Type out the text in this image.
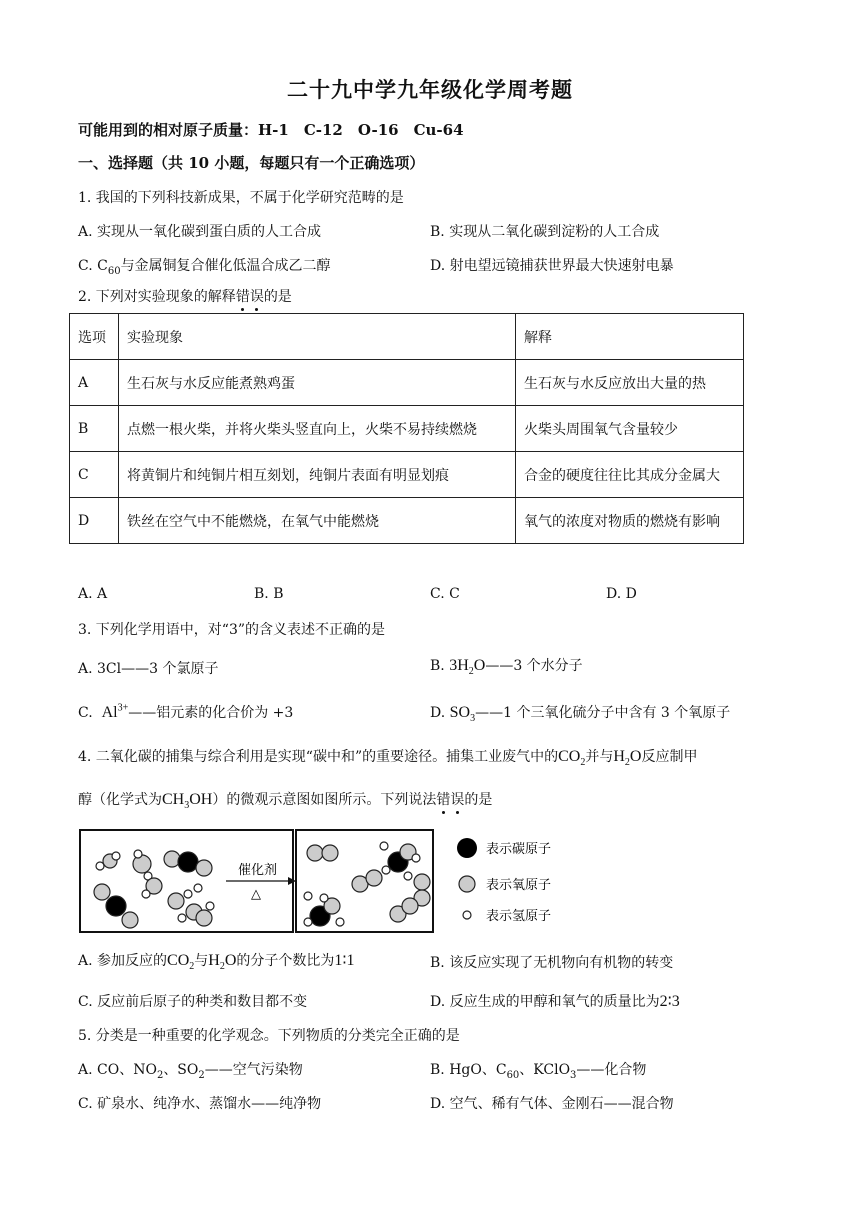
二十九中学九年级化学周考题
可能用到的相对原子质量：H-1　C-12　O-16　Cu-64
一、选择题（共 10 小题，每题只有一个正确选项）
1. 我国的下列科技新成果，不属于化学研究范畴的是
A. 实现从一氧化碳到蛋白质的人工合成	B. 实现从二氧化碳到淀粉的人工合成
C. $C_{60}$与金属铜复合催化低温合成乙二醇	D. 射电望远镜捕获世界最大快速射电暴
2. 下列对实验现象的解释错误的是
选项	实验现象	解释
A	生石灰与水反应能煮熟鸡蛋	生石灰与水反应放出大量的热
B	点燃一根火柴，并将火柴头竖直向上，火柴不易持续燃烧	火柴头周围氧气含量较少
C	将黄铜片和纯铜片相互刻划，纯铜片表面有明显划痕	合金的硬度往往比其成分金属大
D	铁丝在空气中不能燃烧，在氧气中能燃烧	氧气的浓度对物质的燃烧有影响
A. A	B. B	C. C	D. D
3. 下列化学用语中，对“3”的含义表述不正确的是
A. 3Cl——3 个氯原子	B. $3H_2O——3$ 个水分子
C. $Al^{3+}——$铝元素的化合价为 +3	D. $SO_3——1$ 个三氧化硫分子中含有 3 个氧原子
4. 二氧化碳的捕集与综合利用是实现“碳中和”的重要途径。捕集工业废气中的$CO_2$并与$H_2O$反应制甲
醇（化学式为$CH_3OH$）的微观示意图如图所示。下列说法错误的是
催化剂
△
表示碳原子
表示氧原子
表示氢原子
A. 参加反应的$CO_2$与$H_2O$的分子个数比为1∶1	B. 该反应实现了无机物向有机物的转变
C. 反应前后原子的种类和数目都不变	D. 反应生成的甲醇和氧气的质量比为2∶3
5. 分类是一种重要的化学观念。下列物质的分类完全正确的是
A. CO、$NO_2$、$SO_2——$空气污染物	B. HgO、$C_{60}$、KClO$_3$——化合物
C. 矿泉水、纯净水、蒸馏水——纯净物	D. 空气、稀有气体、金刚石——混合物
